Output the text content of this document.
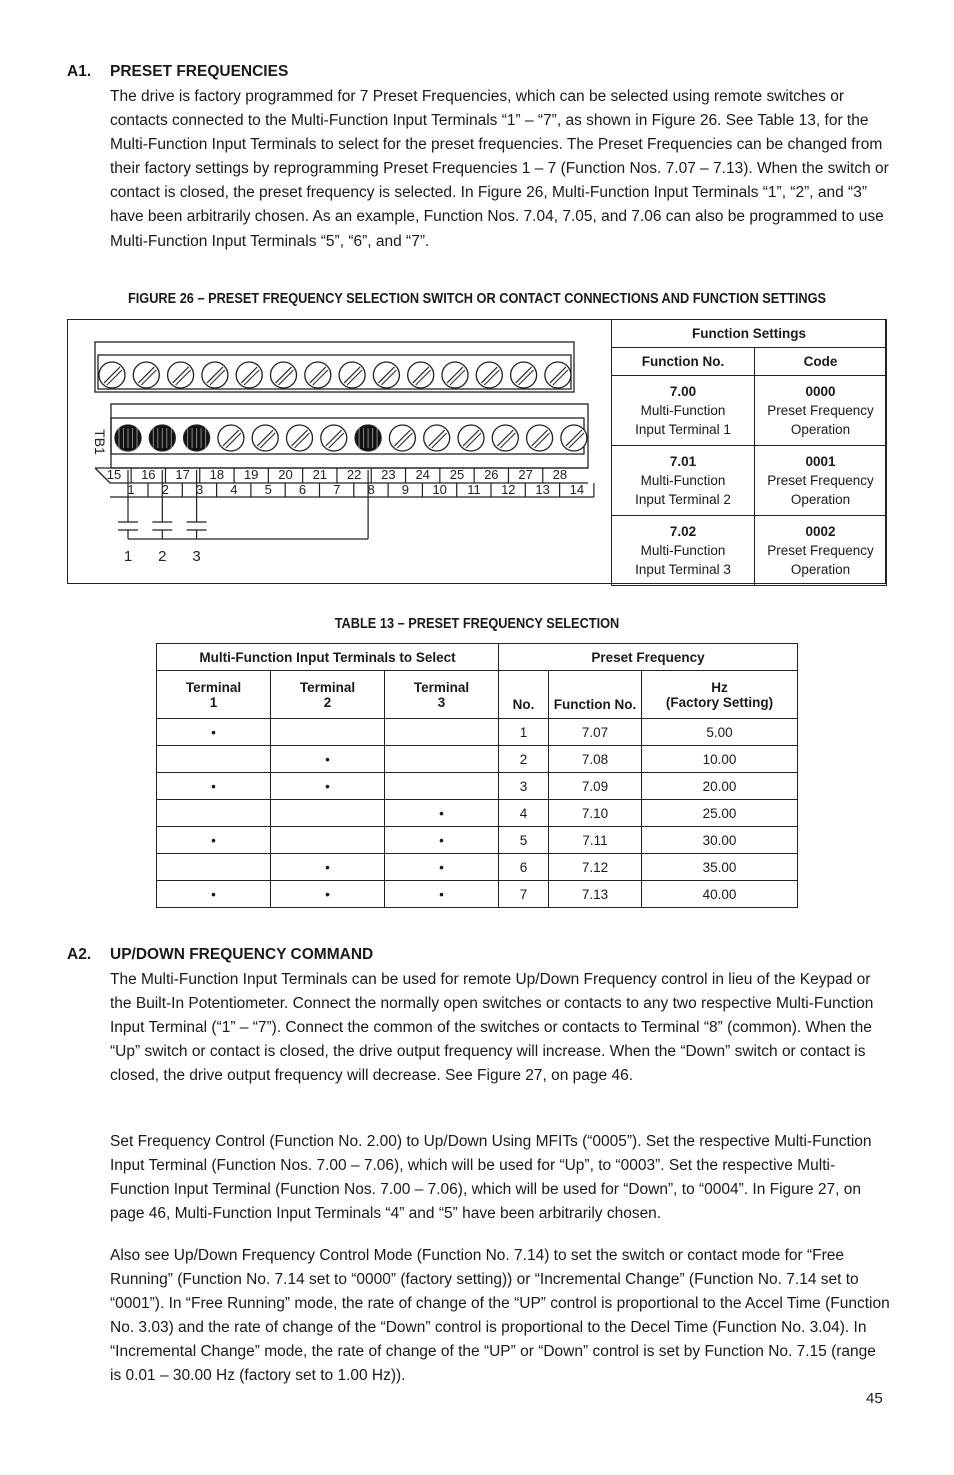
A1. PRESET FREQUENCIES

The drive is factory programmed for 7 Preset Frequencies, which can be selected using remote switches or contacts connected to the Multi-Function Input Terminals “1” – “7”, as shown in Figure 26. See Table 13, for the Multi-Function Input Terminals to select for the preset frequencies. The Preset Frequencies can be changed from their factory settings by reprogramming Preset Frequencies 1 – 7 (Function Nos. 7.07 – 7.13). When the switch or contact is closed, the preset frequency is selected. In Figure 26, Multi-Function Input Terminals “1”, “2”, and “3” have been arbitrarily chosen. As an example, Function Nos. 7.04, 7.05, and 7.06 can also be programmed to use Multi-Function Input Terminals “5”, “6”, and “7”.

FIGURE 26 – PRESET FREQUENCY SELECTION SWITCH OR CONTACT CONNECTIONS AND FUNCTION SETTINGS
15 16 17 18 19 20 21 22 23 24 25 26 27 28
1 2 3 4 5 6 7 8 9 10 11 12 13 14
TB1
1 2 3
Function Settings	
Function No.	Code
7.00
Multi-Function
Input Terminal 1	0000
Preset Frequency
Operation
7.01
Multi-Function
Input Terminal 2	0001
Preset Frequency
Operation
7.02
Multi-Function
Input Terminal 3	0002
Preset Frequency
Operation
TABLE 13 – PRESET FREQUENCY SELECTION
Multi-Function Input Terminals to Select			Preset Frequency		
Terminal
1	Terminal
2	Terminal
3	No.	Function No.	Hz
(Factory Setting)
•			1	7.07	5.00
	•		2	7.08	10.00
•	•		3	7.09	20.00
		•	4	7.10	25.00
•		•	5	7.11	30.00
	•	•	6	7.12	35.00
•	•	•	7	7.13	40.00
A2. UP/DOWN FREQUENCY COMMAND

The Multi-Function Input Terminals can be used for remote Up/Down Frequency control in lieu of the Keypad or the Built-In Potentiometer. Connect the normally open switches or contacts to any two respective Multi-Function Input Terminal (“1” – “7”). Connect the common of the switches or contacts to Terminal “8” (common). When the “Up” switch or contact is closed, the drive output frequency will increase. When the “Down” switch or contact is closed, the drive output frequency will decrease. See Figure 27, on page 46.

Set Frequency Control (Function No. 2.00) to Up/Down Using MFITs (“0005”). Set the respective Multi-Function Input Terminal (Function Nos. 7.00 – 7.06), which will be used for “Up”, to “0003”. Set the respective Multi-Function Input Terminal (Function Nos. 7.00 – 7.06), which will be used for “Down”, to “0004”. In Figure 27, on page 46, Multi-Function Input Terminals “4” and “5” have been arbitrarily chosen.

Also see Up/Down Frequency Control Mode (Function No. 7.14) to set the switch or contact mode for “Free Running” (Function No. 7.14 set to “0000” (factory setting)) or “Incremental Change” (Function No. 7.14 set to “0001”). In “Free Running” mode, the rate of change of the “UP” control is proportional to the Accel Time (Function No. 3.03) and the rate of change of the “Down” control is proportional to the Decel Time (Function No. 3.04). In “Incremental Change” mode, the rate of change of the “UP” or “Down” control is set by Function No. 7.15 (range is 0.01 – 30.00 Hz (factory set to 1.00 Hz)).

45
